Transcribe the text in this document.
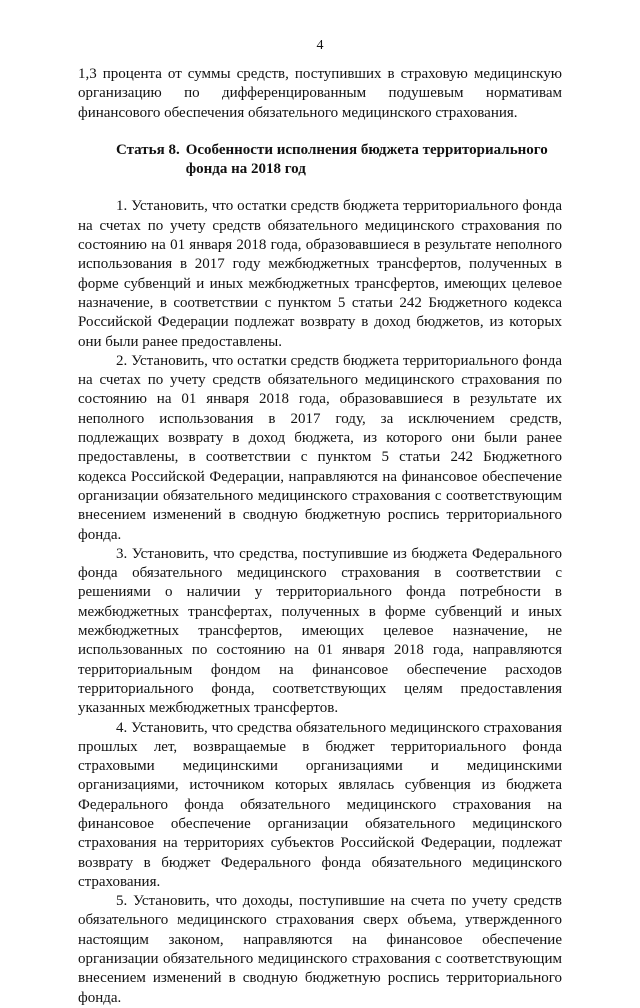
4

1,3 процента от суммы средств, поступивших в страховую медицинскую организацию по дифференцированным подушевым нормативам финансового обеспечения обязательного медицинского страхования.

Статья 8. Особенности исполнения бюджета территориального фонда на 2018 год

1. Установить, что остатки средств бюджета территориального фонда на счетах по учету средств обязательного медицинского страхования по состоянию на 01 января 2018 года, образовавшиеся в результате неполного использования в 2017 году межбюджетных трансфертов, полученных в форме субвенций и иных межбюджетных трансфертов, имеющих целевое назначение, в соответствии с пунктом 5 статьи 242 Бюджетного кодекса Российской Федерации подлежат возврату в доход бюджетов, из которых они были ранее предоставлены.

2. Установить, что остатки средств бюджета территориального фонда на счетах по учету средств обязательного медицинского страхования по состоянию на 01 января 2018 года, образовавшиеся в результате их неполного использования в 2017 году, за исключением средств, подлежащих возврату в доход бюджета, из которого они были ранее предоставлены, в соответствии с пунктом 5 статьи 242 Бюджетного кодекса Российской Федерации, направляются на финансовое обеспечение организации обязательного медицинского страхования с соответствующим внесением изменений в сводную бюджетную роспись территориального фонда.

3. Установить, что средства, поступившие из бюджета Федерального фонда обязательного медицинского страхования в соответствии с решениями о наличии у территориального фонда потребности в межбюджетных трансфертах, полученных в форме субвенций и иных межбюджетных трансфертов, имеющих целевое назначение, не использованных по состоянию на 01 января 2018 года, направляются территориальным фондом на финансовое обеспечение расходов территориального фонда, соответствующих целям предоставления указанных межбюджетных трансфертов.

4. Установить, что средства обязательного медицинского страхования прошлых лет, возвращаемые в бюджет территориального фонда страховыми медицинскими организациями и медицинскими организациями, источником которых являлась субвенция из бюджета Федерального фонда обязательного медицинского страхования на финансовое обеспечение организации обязательного медицинского страхования на территориях субъектов Российской Федерации, подлежат возврату в бюджет Федерального фонда обязательного медицинского страхования.

5. Установить, что доходы, поступившие на счета по учету средств обязательного медицинского страхования сверх объема, утвержденного настоящим законом, направляются на финансовое обеспечение организации обязательного медицинского страхования с соответствующим внесением изменений в сводную бюджетную роспись территориального фонда.
